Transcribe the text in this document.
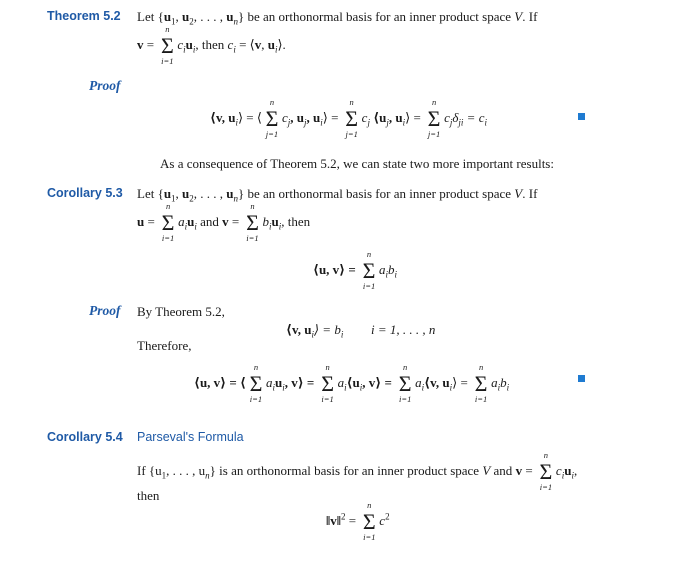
Theorem 5.2 Let {$u_1$, $u_2$, . . . , $u_n$} be an orthonormal basis for an inner product space V. If
v =
n
Σ
i=1
$c_iu_i$, then $c_i$ = ⟨v, $u_i⟩$.
Proof
⟨v, $u_i⟩$ = ⟨
n
Σ
j=1
$c_j$, $u_j$, $u_i⟩$ =
n
Σ
j=1
$c_j$ $⟨u_j$, $u_i⟩$ =
n
Σ
j=1
$c_j\delta_{ji} = c_i$
As a consequence of Theorem 5.2, we can state two more important results:
Corollary 5.3 Let {$u_1$, $u_2$, . . . , $u_n$} be an orthonormal basis for an inner product space V. If
u =
n
Σ
i=1
$a_iu_i$ and v =
n
Σ
i=1
$b_iu_i$, then
⟨u, v⟩ =
n
Σ
i=1
$a_ib_i$
Proof By Theorem 5.2,
⟨v, $u_i⟩ = b_i$ i = 1, . . . , n
Therefore,
⟨u, v⟩ = ⟨
n
Σ
i=1
$a_iu_i$, v⟩ =
n
Σ
i=1
$a_i⟨u_i$, v⟩ =
n
Σ
i=1
$a_i⟨v$, $u_i⟩$ =
n
Σ
i=1
$a_ib_i$
Corollary 5.4 Parseval's Formula
If {$u_1$, . . . , $u_n$} is an orthonormal basis for an inner product space V and v =
n
Σ
i=1
$c_iu_i$,
then
‖v‖$^2$ =
n
Σ
i=1
$c^2$
